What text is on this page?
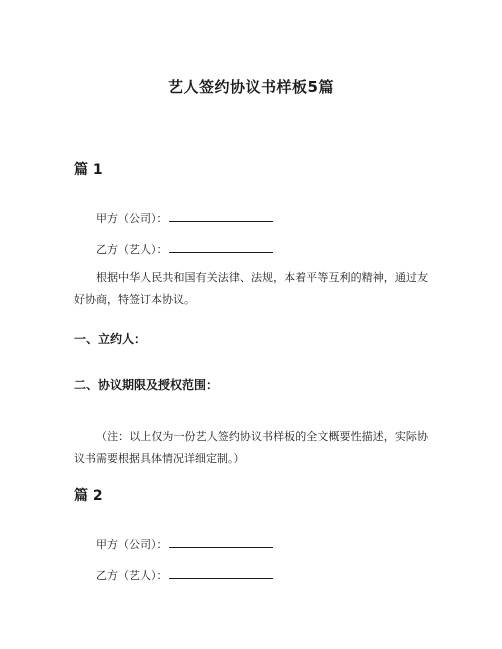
艺人签约协议书样板5篇
篇 1
甲方（公司）：
乙方（艺人）：
根据中华人民共和国有关法律、法规，本着平等互利的精神，通过友好协商，特签订本协议。
一、立约人：
二、协议期限及授权范围：
（注：以上仅为一份艺人签约协议书样板的全文概要性描述，实际协议书需要根据具体情况详细定制。）
篇 2
甲方（公司）：
乙方（艺人）：
